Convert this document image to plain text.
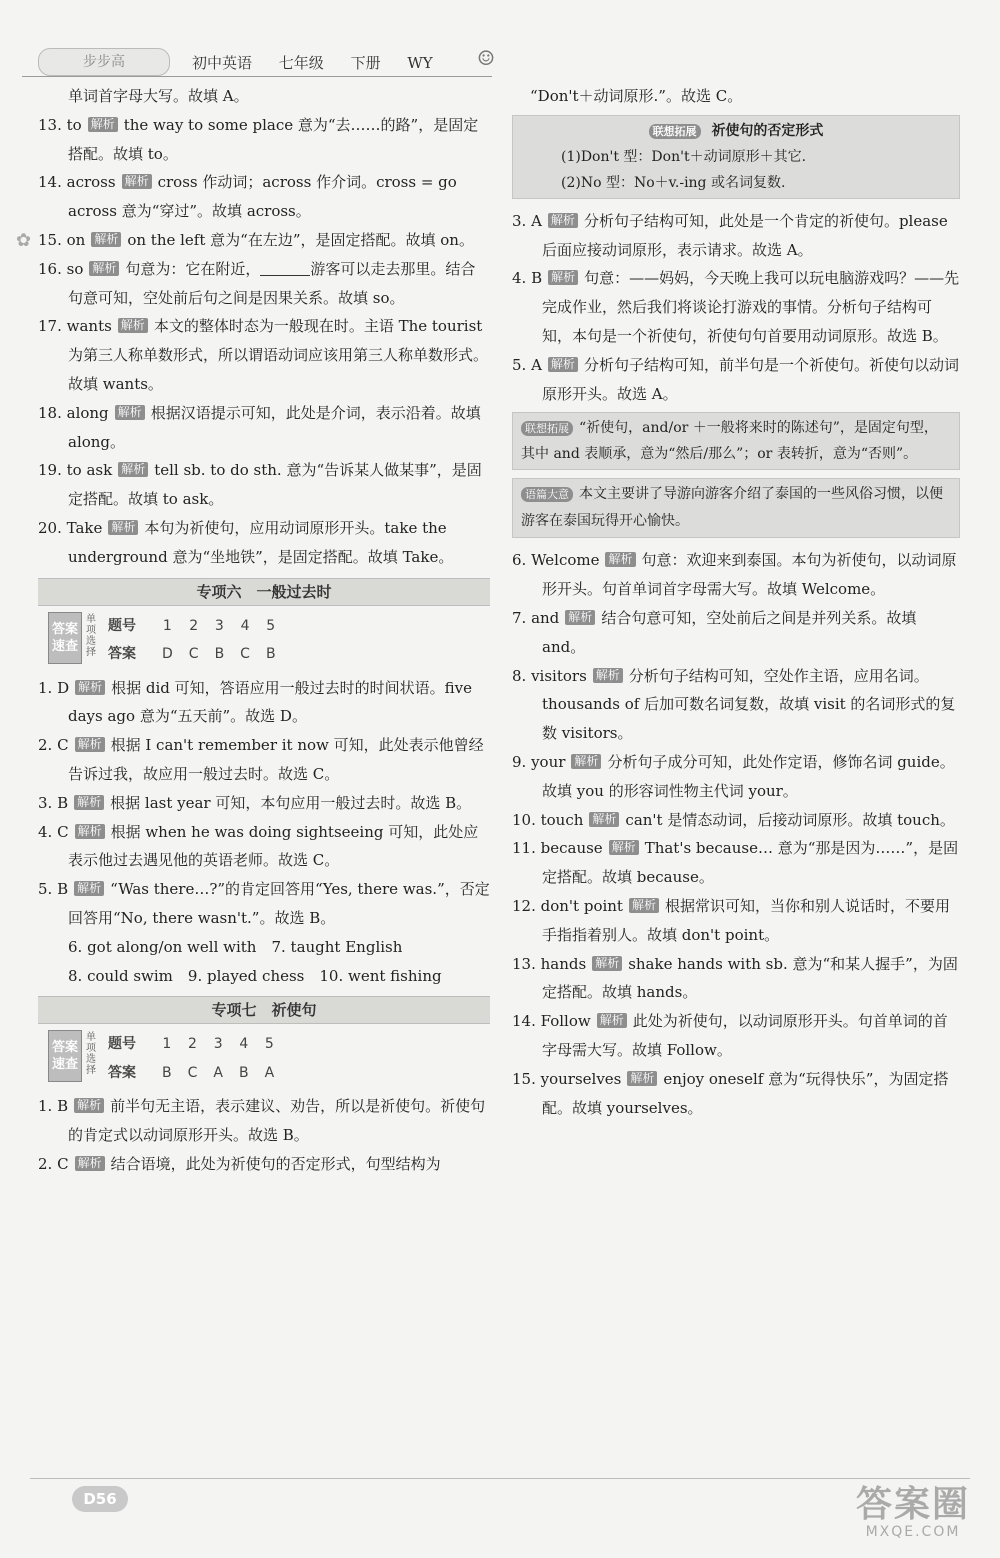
步步高	初中英语 七年级 下册 WY	☺
✿

单词首字母大写。故填 A。

13. to 解析 the way to some place 意为“去……的路”，是固定搭配。故填 to。

14. across 解析 cross 作动词；across 作介词。cross = go across 意为“穿过”。故填 across。

15. on 解析 on the left 意为“在左边”，是固定搭配。故填 on。

16. so 解析 句意为：它在附近，	游客可以走去那里。结合句意可知，空处前后句之间是因果关系。故填 so。

17. wants 解析 本文的整体时态为一般现在时。主语 The tourist 为第三人称单数形式，所以谓语动词应该用第三人称单数形式。故填 wants。

18. along 解析 根据汉语提示可知，此处是介词，表示沿着。故填 along。

19. to ask 解析 tell sb. to do sth. 意为“告诉某人做某事”，是固定搭配。故填 to ask。

20. Take 解析 本句为祈使句，应用动词原形开头。take the underground 意为“坐地铁”，是固定搭配。故填 Take。

专项六　一般过去时
答案速查
单项选择
题号	1	2	3	4	5
答案	D	C	B	C	B

1. D 解析 根据 did 可知，答语应用一般过去时的时间状语。five days ago 意为“五天前”。故选 D。

2. C 解析 根据 I can't remember it now 可知，此处表示他曾经告诉过我，故应用一般过去时。故选 C。

3. B 解析 根据 last year 可知，本句应用一般过去时。故选 B。

4. C 解析 根据 when he was doing sightseeing 可知，此处应表示他过去遇见他的英语老师。故选 C。

5. B 解析 “Was there…?”的肯定回答用“Yes, there was.”，否定回答用“No, there wasn't.”。故选 B。

6. got along/on well with　7. taught English

8. could swim　9. played chess　10. went fishing

专项七　祈使句
答案速查
单项选择
题号	1	2	3	4	5
答案	B	C	A	B	A

1. B 解析 前半句无主语，表示建议、劝告，所以是祈使句。祈使句的肯定式以动词原形开头。故选 B。

2. C 解析 结合语境，此处为祈使句的否定形式，句型结构为

“Don't＋动词原形.”。故选 C。

联想拓展 祈使句的否定形式
(1)Don't 型：Don't＋动词原形＋其它.
(2)No 型：No＋v.-ing 或名词复数.

3. A 解析 分析句子结构可知，此处是一个肯定的祈使句。please 后面应接动词原形，表示请求。故选 A。

4. B 解析 句意：——妈妈，今天晚上我可以玩电脑游戏吗？——先完成作业，然后我们将谈论打游戏的事情。分析句子结构可知，本句是一个祈使句，祈使句句首要用动词原形。故选 B。

5. A 解析 分析句子结构可知，前半句是一个祈使句。祈使句以动词原形开头。故选 A。

联想拓展 “祈使句，and/or ＋一般将来时的陈述句”，是固定句型，其中 and 表顺承，意为“然后/那么”；or 表转折，意为“否则”。
语篇大意 本文主要讲了导游向游客介绍了泰国的一些风俗习惯，以便游客在泰国玩得开心愉快。

6. Welcome 解析 句意：欢迎来到泰国。本句为祈使句，以动词原形开头。句首单词首字母需大写。故填 Welcome。

7. and 解析 结合句意可知，空处前后之间是并列关系。故填 and。

8. visitors 解析 分析句子结构可知，空处作主语，应用名词。thousands of 后加可数名词复数，故填 visit 的名词形式的复数 visitors。

9. your 解析 分析句子成分可知，此处作定语，修饰名词 guide。故填 you 的形容词性物主代词 your。

10. touch 解析 can't 是情态动词，后接动词原形。故填 touch。

11. because 解析 That's because… 意为“那是因为……”，是固定搭配。故填 because。

12. don't point 解析 根据常识可知，当你和别人说话时，不要用手指指着别人。故填 don't point。

13. hands 解析 shake hands with sb. 意为“和某人握手”，为固定搭配。故填 hands。

14. Follow 解析 此处为祈使句，以动词原形开头。句首单词的首字母需大写。故填 Follow。

15. yourselves 解析 enjoy oneself 意为“玩得快乐”，为固定搭配。故填 yourselves。

D56	答案圈
MXQE.COM
